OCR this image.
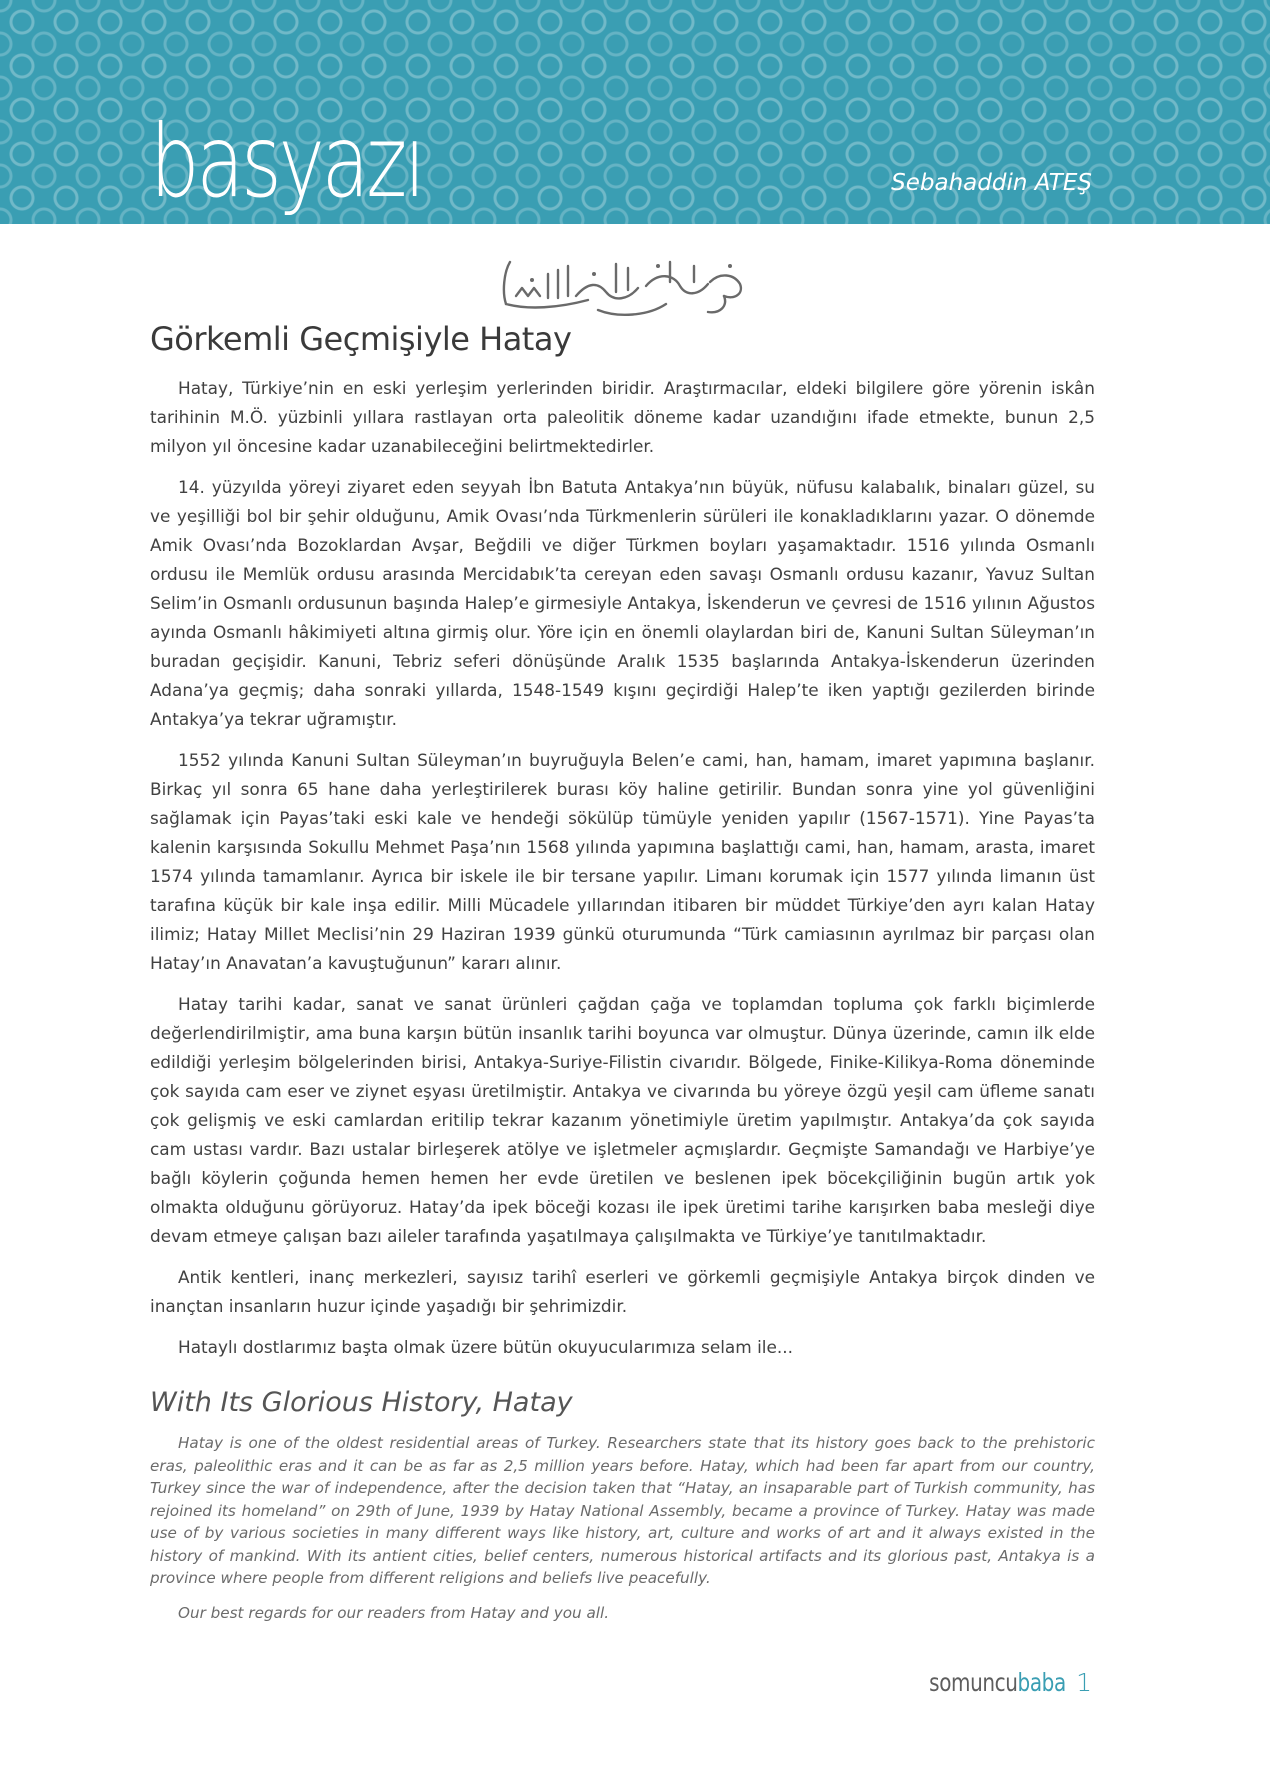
basyazı	Sebahaddin ATEŞ
Görkemli Geçmişiyle Hatay

Hatay, Türkiye’nin en eski yerleşim yerlerinden biridir. Araştırmacılar, eldeki bilgilere göre yörenin iskân tarihinin M.Ö. yüzbinli yıllara rastlayan orta paleolitik döneme kadar uzandığını ifade etmekte, bunun 2,5 milyon yıl öncesine kadar uzanabileceğini belirtmektedirler.

14. yüzyılda yöreyi ziyaret eden seyyah İbn Batuta Antakya’nın büyük, nüfusu kalabalık, binaları güzel, su ve yeşilliği bol bir şehir olduğunu, Amik Ovası’nda Türkmenlerin sürüleri ile konakladıklarını yazar. O dönemde Amik Ovası’nda Bozoklardan Avşar, Beğdili ve diğer Türkmen boyları yaşamaktadır. 1516 yılında Osmanlı ordusu ile Memlük ordusu arasında Mercidabık’ta cereyan eden savaşı Osmanlı ordusu kazanır, Yavuz Sultan Selim’in Osmanlı ordusunun başında Halep’e girmesiyle Antakya, İskenderun ve çevresi de 1516 yılının Ağustos ayında Osmanlı hâkimiyeti altına girmiş olur. Yöre için en önemli olaylardan biri de, Kanuni Sultan Süleyman’ın buradan geçişidir. Kanuni, Tebriz seferi dönüşünde Aralık 1535 başlarında Antakya-İskenderun üzerinden Adana’ya geçmiş; daha sonraki yıllarda, 1548-1549 kışını geçirdiği Halep’te iken yaptığı gezilerden birinde Antakya’ya tekrar uğramıştır.

1552 yılında Kanuni Sultan Süleyman’ın buyruğuyla Belen’e cami, han, hamam, imaret yapımına başlanır. Birkaç yıl sonra 65 hane daha yerleştirilerek burası köy haline getirilir. Bundan sonra yine yol güvenliğini sağlamak için Payas’taki eski kale ve hendeği sökülüp tümüyle yeniden yapılır (1567-1571). Yine Payas’ta kalenin karşısında Sokullu Mehmet Paşa’nın 1568 yılında yapımına başlattığı cami, han, hamam, arasta, imaret 1574 yılında tamamlanır. Ayrıca bir iskele ile bir tersane yapılır. Limanı korumak için 1577 yılında limanın üst tarafına küçük bir kale inşa edilir. Milli Mücadele yıllarından itibaren bir müddet Türkiye’den ayrı kalan Hatay ilimiz; Hatay Millet Meclisi’nin 29 Haziran 1939 günkü oturumunda “Türk camiasının ayrılmaz bir parçası olan Hatay’ın Anavatan’a kavuştuğunun” kararı alınır.

Hatay tarihi kadar, sanat ve sanat ürünleri çağdan çağa ve toplamdan topluma çok farklı biçimlerde değerlendirilmiştir, ama buna karşın bütün insanlık tarihi boyunca var olmuştur. Dünya üzerinde, camın ilk elde edildiği yerleşim bölgelerinden birisi, Antakya-Suriye-Filistin civarıdır. Bölgede, Finike-Kilikya-Roma döneminde çok sayıda cam eser ve ziynet eşyası üretilmiştir. Antakya ve civarında bu yöreye özgü yeşil cam üfleme sanatı çok gelişmiş ve eski camlardan eritilip tekrar kazanım yönetimiyle üretim yapılmıştır. Antakya’da çok sayıda cam ustası vardır. Bazı ustalar birleşerek atölye ve işletmeler açmışlardır. Geçmişte Samandağı ve Harbiye’ye bağlı köylerin çoğunda hemen hemen her evde üretilen ve beslenen ipek böcekçiliğinin bugün artık yok olmakta olduğunu görüyoruz. Hatay’da ipek böceği kozası ile ipek üretimi tarihe karışırken baba mesleği diye devam etmeye çalışan bazı aileler tarafında yaşatılmaya çalışılmakta ve Türkiye’ye tanıtılmaktadır.

Antik kentleri, inanç merkezleri, sayısız tarihî eserleri ve görkemli geçmişiyle Antakya birçok dinden ve inançtan insanların huzur içinde yaşadığı bir şehrimizdir.

Hataylı dostlarımız başta olmak üzere bütün okuyucularımıza selam ile...

With Its Glorious History, Hatay

Hatay is one of the oldest residential areas of Turkey. Researchers state that its history goes back to the prehistoric eras, paleolithic eras and it can be as far as 2,5 million years before. Hatay, which had been far apart from our country, Turkey since the war of independence, after the decision taken that “Hatay, an insaparable part of Turkish community, has rejoined its homeland” on 29th of June, 1939 by Hatay National Assembly, became a province of Turkey. Hatay was made use of by various societies in many different ways like history, art, culture and works of art and it always existed in the history of mankind. With its antient cities, belief centers, numerous historical artifacts and its glorious past, Antakya is a province where people from different religions and beliefs live peacefully.

Our best regards for our readers from Hatay and you all.

somuncubaba 1
